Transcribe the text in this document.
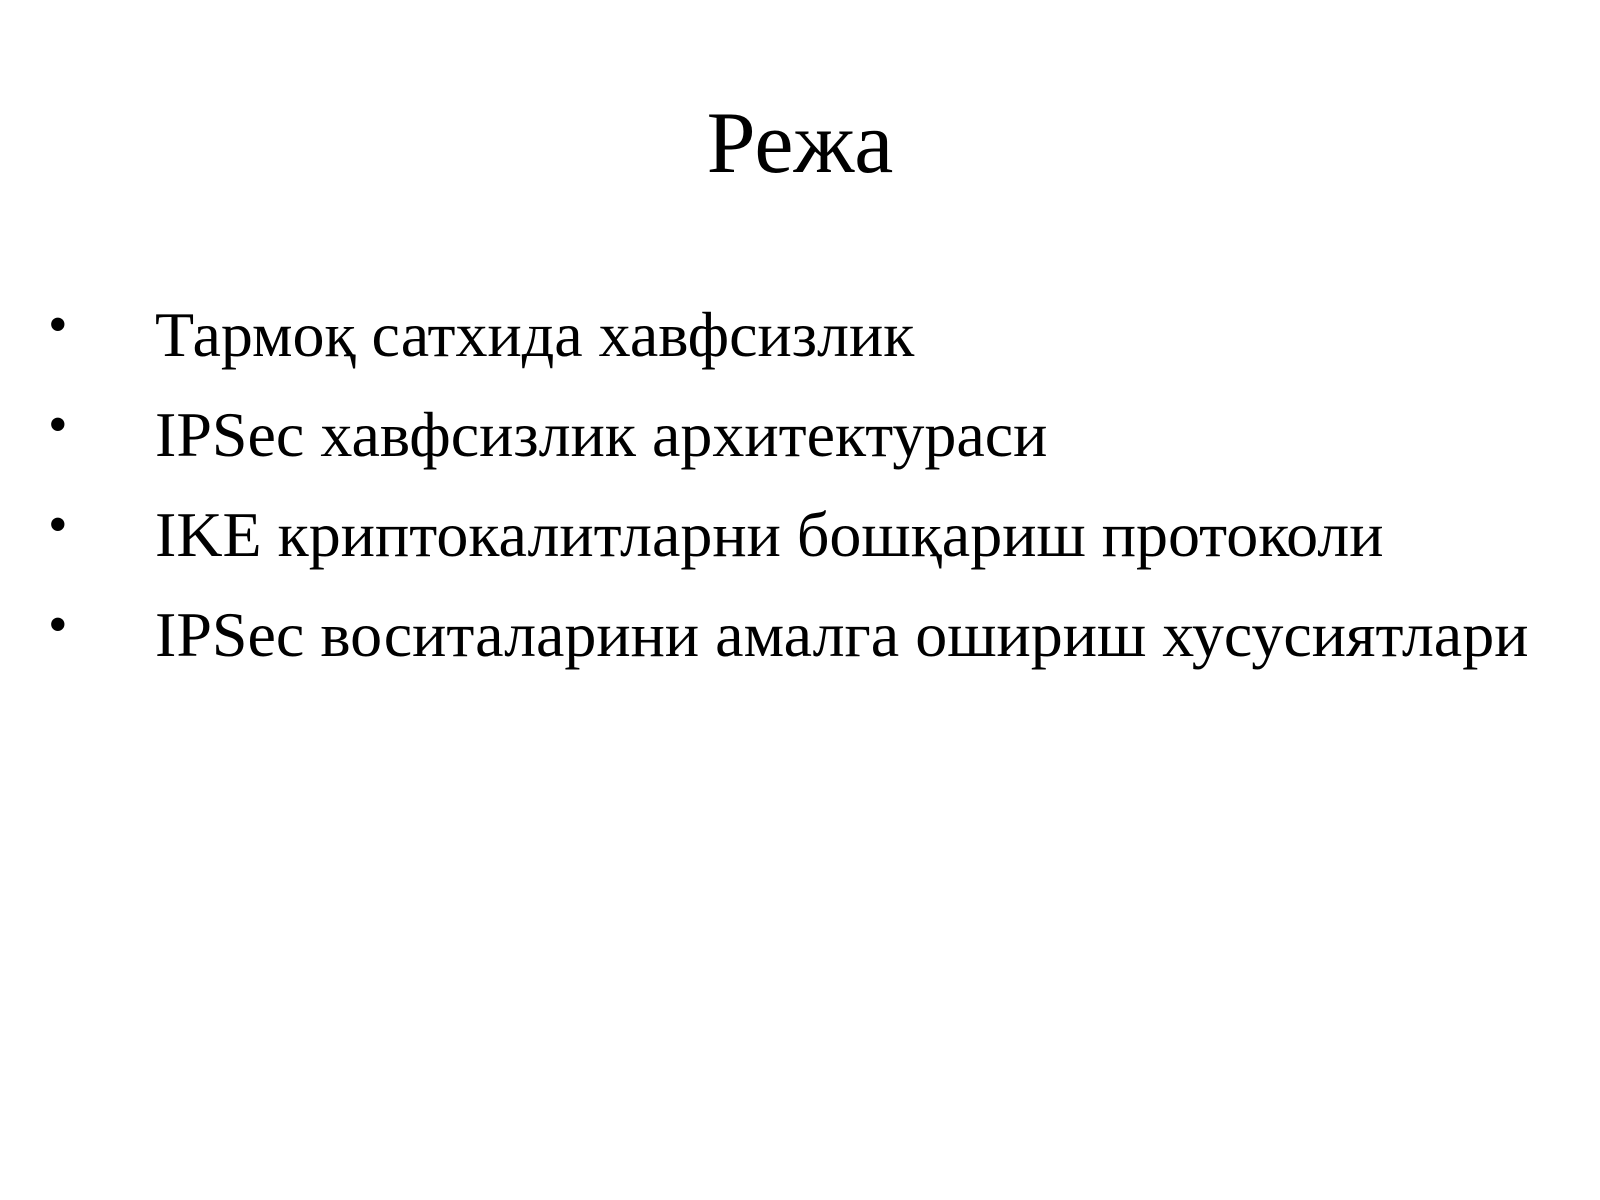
Режа
•	Тармоқ сатхида хавфсизлик
•	IPSec хавфсизлик архитектураси
•	IKE криптокалитларни бошқариш протоколи
•	IPSec воситаларини амалга ошириш хусусиятлари
